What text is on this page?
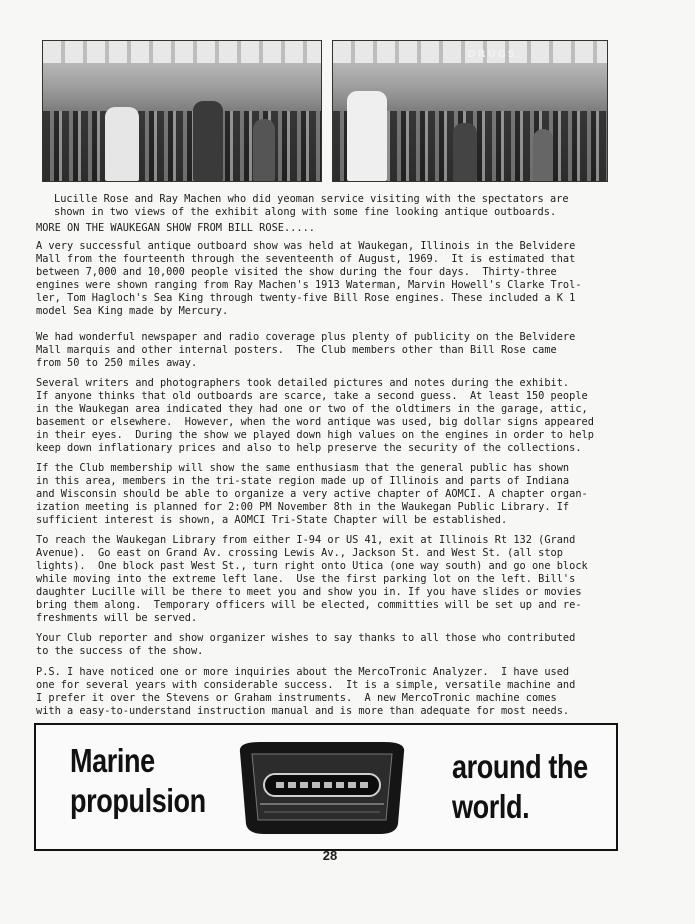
DRUGS
Lucille Rose and Ray Machen who did yeoman service visiting with the spectators are
shown in two views of the exhibit along with some fine looking antique outboards.
MORE ON THE WAUKEGAN SHOW FROM BILL ROSE.....
A very successful antique outboard show was held at Waukegan, Illinois in the Belvidere
Mall from the fourteenth through the seventeenth of August, 1969.  It is estimated that
between 7,000 and 10,000 people visited the show during the four days.  Thirty-three
engines were shown ranging from Ray Machen's 1913 Waterman, Marvin Howell's Clarke Trol-
ler, Tom Hagloch's Sea King through twenty-five Bill Rose engines. These included a K 1
model Sea King made by Mercury.
We had wonderful newspaper and radio coverage plus plenty of publicity on the Belvidere
Mall marquis and other internal posters.  The Club members other than Bill Rose came
from 50 to 250 miles away.
Several writers and photographers took detailed pictures and notes during the exhibit.
If anyone thinks that old outboards are scarce, take a second guess.  At least 150 people
in the Waukegan area indicated they had one or two of the oldtimers in the garage, attic,
basement or elsewhere.  However, when the word antique was used, big dollar signs appeared
in their eyes.  During the show we played down high values on the engines in order to help
keep down inflationary prices and also to help preserve the security of the collections.
If the Club membership will show the same enthusiasm that the general public has shown
in this area, members in the tri-state region made up of Illinois and parts of Indiana
and Wisconsin should be able to organize a very active chapter of AOMCI. A chapter organ-
ization meeting is planned for 2:00 PM November 8th in the Waukegan Public Library. If
sufficient interest is shown, a AOMCI Tri-State Chapter will be established.
To reach the Waukegan Library from either I-94 or US 41, exit at Illinois Rt 132 (Grand
Avenue).  Go east on Grand Av. crossing Lewis Av., Jackson St. and West St. (all stop
lights).  One block past West St., turn right onto Utica (one way south) and go one block
while moving into the extreme left lane.  Use the first parking lot on the left. Bill's
daughter Lucille will be there to meet you and show you in. If you have slides or movies
bring them along.  Temporary officers will be elected, committies will be set up and re-
freshments will be served.
Your Club reporter and show organizer wishes to say thanks to all those who contributed
to the success of the show.
P.S. I have noticed one or more inquiries about the MercoTronic Analyzer.  I have used
one for several years with considerable success.  It is a simple, versatile machine and
I prefer it over the Stevens or Graham instruments.  A new MercoTronic machine comes
with a easy-to-understand instruction manual and is more than adequate for most needs.
Marine
propulsion
around the
world.
28
